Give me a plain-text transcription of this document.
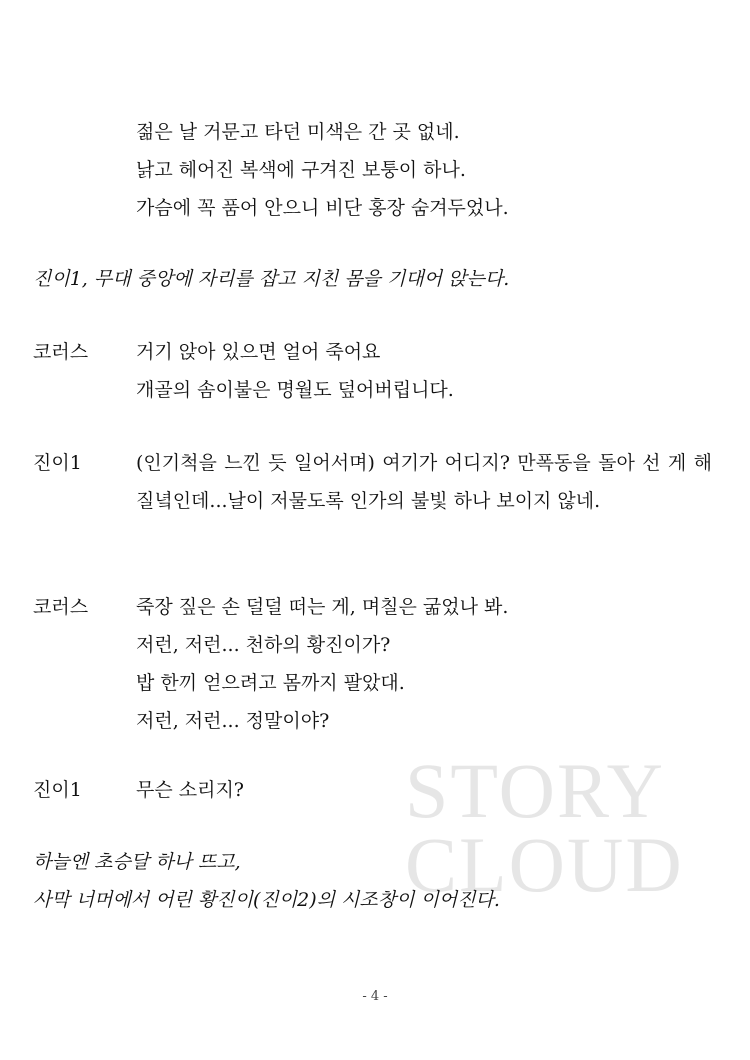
STORY
CLOUD
젊은 날 거문고 타던 미색은 간 곳 없네.
낡고 헤어진 복색에 구겨진 보퉁이 하나.
가슴에 꼭 품어 안으니 비단 홍장 숨겨두었나.
진이1, 무대 중앙에 자리를 잡고 지친 몸을 기대어 앉는다.
코러스	거기 앉아 있으면 얼어 죽어요
개골의 솜이불은 명월도 덮어버립니다.
진이1	(인기척을 느낀 듯 일어서며) 여기가 어디지? 만폭동을 돌아 선 게 해질녘인데...날이 저물도록 인가의 불빛 하나 보이지 않네.
코러스	죽장 짚은 손 덜덜 떠는 게, 며칠은 굶었나 봐.
저런, 저런... 천하의 황진이가?
밥 한끼 얻으려고 몸까지 팔았대.
저런, 저런... 정말이야?
진이1	무슨 소리지?
하늘엔 초승달 하나 뜨고,
사막 너머에서 어린 황진이(진이2)의 시조창이 이어진다.
- 4 -
